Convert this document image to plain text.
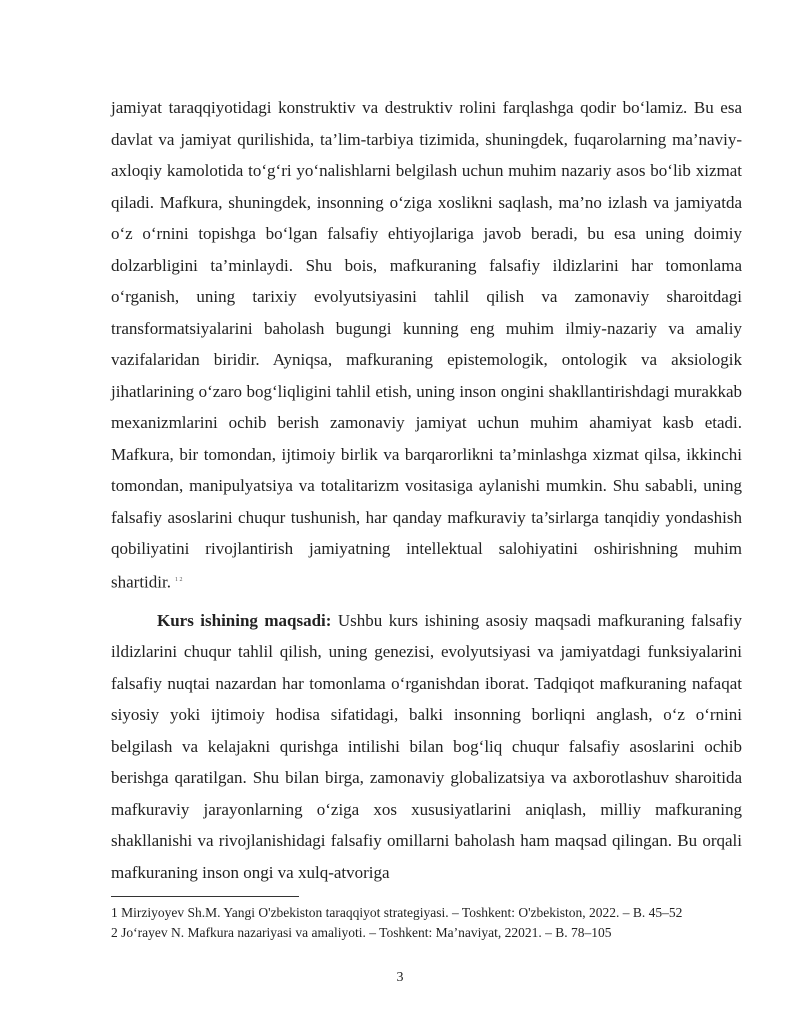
jamiyat taraqqiyotidagi konstruktiv va destruktiv rolini farqlashga qodir bo‘lamiz. Bu esa davlat va jamiyat qurilishida, ta’lim-tarbiya tizimida, shuningdek, fuqarolarning ma’naviy-axloqiy kamolotida to‘g‘ri yo‘nalishlarni belgilash uchun muhim nazariy asos bo‘lib xizmat qiladi. Mafkura, shuningdek, insonning o‘ziga xoslikni saqlash, ma’no izlash va jamiyatda o‘z o‘rnini topishga bo‘lgan falsafiy ehtiyojlariga javob beradi, bu esa uning doimiy dolzarbligini ta’minlaydi. Shu bois, mafkuraning falsafiy ildizlarini har tomonlama o‘rganish, uning tarixiy evolyutsiyasini tahlil qilish va zamonaviy sharoitdagi transformatsiyalarini baholash bugungi kunning eng muhim ilmiy-nazariy va amaliy vazifalaridan biridir. Ayniqsa, mafkuraning epistemologik, ontologik va aksiologik jihatlarining o‘zaro bog‘liqligini tahlil etish, uning inson ongini shakllantirishdagi murakkab mexanizmlarini ochib berish zamonaviy jamiyat uchun muhim ahamiyat kasb etadi. Mafkura, bir tomondan, ijtimoiy birlik va barqarorlikni ta’minlashga xizmat qilsa, ikkinchi tomondan, manipulyatsiya va totalitarizm vositasiga aylanishi mumkin. Shu sababli, uning falsafiy asoslarini chuqur tushunish, har qanday mafkuraviy ta’sirlarga tanqidiy yondashish qobiliyatini rivojlantirish jamiyatning intellektual salohiyatini oshirishning muhim shartidir. $^{1 2}$

Kurs ishining maqsadi: Ushbu kurs ishining asosiy maqsadi mafkuraning falsafiy ildizlarini chuqur tahlil qilish, uning genezisi, evolyutsiyasi va jamiyatdagi funksiyalarini falsafiy nuqtai nazardan har tomonlama o‘rganishdan iborat. Tadqiqot mafkuraning nafaqat siyosiy yoki ijtimoiy hodisa sifatidagi, balki insonning borliqni anglash, o‘z o‘rnini belgilash va kelajakni qurishga intilishi bilan bog‘liq chuqur falsafiy asoslarini ochib berishga qaratilgan. Shu bilan birga, zamonaviy globalizatsiya va axborotlashuv sharoitida mafkuraviy jarayonlarning o‘ziga xos xususiyatlarini aniqlash, milliy mafkuraning shakllanishi va rivojlanishidagi falsafiy omillarni baholash ham maqsad qilingan. Bu orqali mafkuraning inson ongi va xulq-atvoriga

1 Mirziyoyev Sh.M. Yangi O'zbekiston taraqqiyot strategiyasi. – Toshkent: O'zbekiston, 2022. – B. 45–52

2 Jo‘rayev N. Mafkura nazariyasi va amaliyoti. – Toshkent: Ma’naviyat, 22021. – B. 78–105

3
